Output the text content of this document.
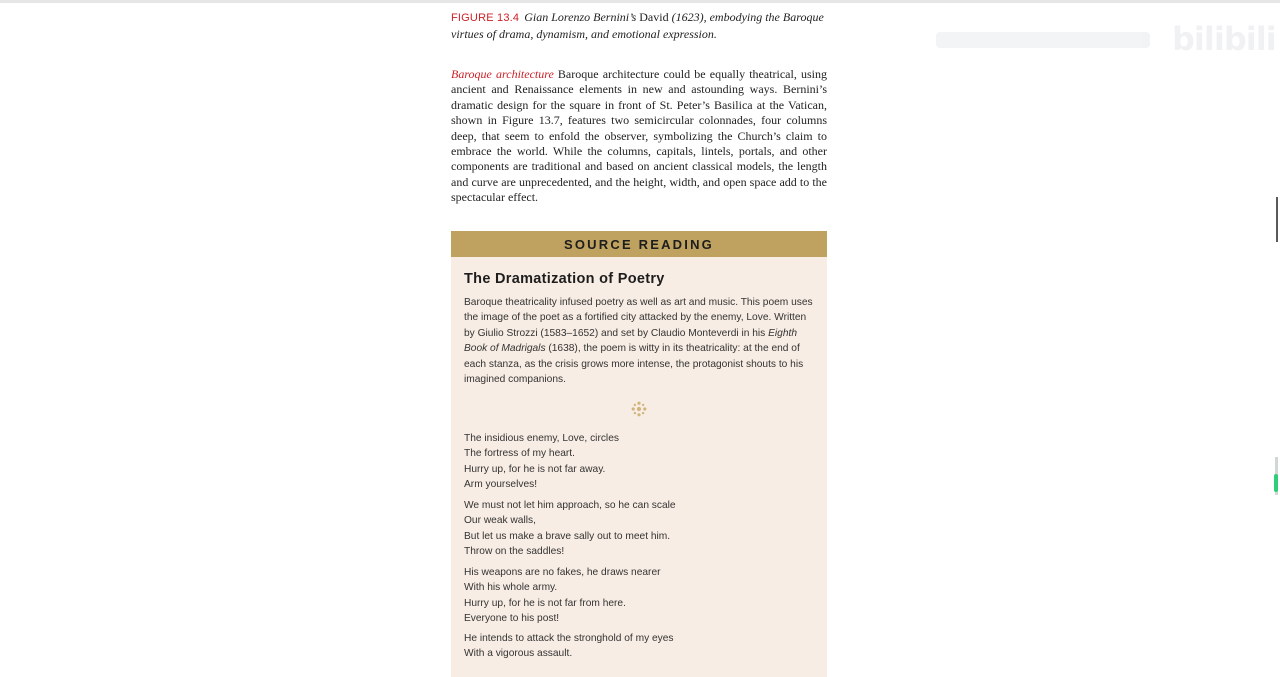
FIGURE 13.4 Gian Lorenzo Bernini’s David (1623), embodying the Baroque virtues of drama, dynamism, and emotional expression.
Baroque architecture Baroque architecture could be equally theatrical, using ancient and Renaissance elements in new and astounding ways. Bernini’s dramatic design for the square in front of St. Peter’s Basilica at the Vatican, shown in Figure 13.7, features two semicircular colonnades, four columns deep, that seem to enfold the observer, symbolizing the Church’s claim to embrace the world. While the columns, capitals, lintels, portals, and other components are traditional and based on ancient classical models, the length and curve are unprecedented, and the height, width, and open space add to the spectacular effect.
SOURCE READING
The Dramatization of Poetry
Baroque theatricality infused poetry as well as art and music. This poem uses the image of the poet as a fortified city attacked by the enemy, Love. Written by Giulio Strozzi (1583–1652) and set by Claudio Monteverdi in his Eighth Book of Madrigals (1638), the poem is witty in its theatricality: at the end of each stanza, as the crisis grows more intense, the protagonist shouts to his imagined companions.
The insidious enemy, Love, circles
The fortress of my heart.
Hurry up, for he is not far away.
Arm yourselves!
We must not let him approach, so he can scale
Our weak walls,
But let us make a brave sally out to meet him.
Throw on the saddles!
His weapons are no fakes, he draws nearer
With his whole army.
Hurry up, for he is not far from here.
Everyone to his post!
He intends to attack the stronghold of my eyes
With a vigorous assault.
bilibili
